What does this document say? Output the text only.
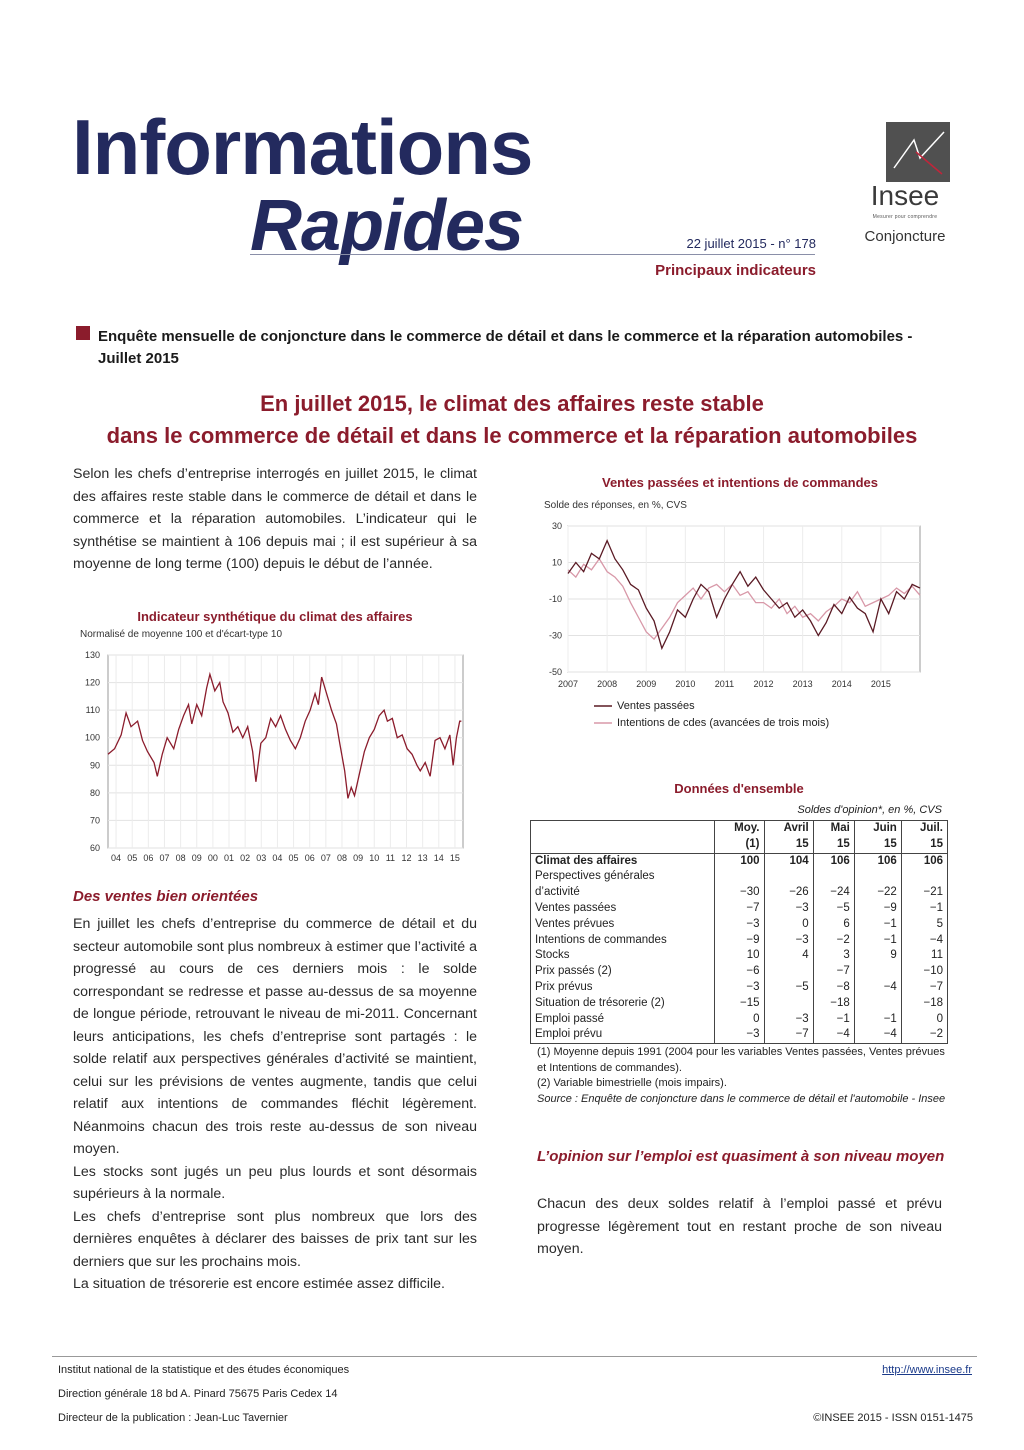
Informations
Rapides	22 juillet 2015 - n° 178
Principaux indicateurs
Insee
Mesurer pour comprendre
Conjoncture
Enquête mensuelle de conjoncture dans le commerce de détail et dans le commerce et la réparation automobiles - Juillet 2015
En juillet 2015, le climat des affaires reste stable
dans le commerce de détail et dans le commerce et la réparation automobiles

Selon les chefs d’entreprise interrogés en juillet 2015, le climat des affaires reste stable dans le commerce de détail et dans le commerce et la réparation automobiles. L’indicateur qui le synthétise se maintient à 106 depuis mai ; il est supérieur à sa moyenne de long terme (100) depuis le début de l’année.

Indicateur synthétique du climat des affaires
Normalisé de moyenne 100 et d'écart-type 10
60
70
80
90
100
110
120
130
04 05 06 07 08 09 00 01 02 03 04 05 06 07 08 09 10 11 12 13 14 15
Des ventes bien orientées

En juillet les chefs d’entreprise du commerce de détail et du secteur automobile sont plus nombreux à estimer que l’activité a progressé au cours de ces derniers mois : le solde correspondant se redresse et passe au-dessus de sa moyenne de longue période, retrouvant le niveau de mi-2011. Concernant leurs anticipations, les chefs d’entreprise sont partagés : le solde relatif aux perspectives générales d’activité se maintient, celui sur les prévisions de ventes augmente, tandis que celui relatif aux intentions de commandes fléchit légèrement. Néanmoins chacun des trois reste au-dessus de son niveau moyen.

Les stocks sont jugés un peu plus lourds et sont désormais supérieurs à la normale.

Les chefs d’entreprise sont plus nombreux que lors des dernières enquêtes à déclarer des baisses de prix tant sur les derniers que sur les prochains mois.

La situation de trésorerie est encore estimée assez difficile.

Ventes passées et intentions de commandes
Solde des réponses, en %, CVS
30
10
-10
-30
-50
2007 2008 2009 2010 2011 2012 2013 2014 2015
Ventes passées
Intentions de cdes (avancées de trois mois)
Données d'ensemble
Soldes d'opinion*, en %, CVS
	Moy.	Avril	Mai	Juin	Juil.
	(1)	15	15	15	15
Climat des affaires	100	104	106	106	106
Perspectives générales					
d’activité	−30	−26	−24	−22	−21
Ventes passées	−7	−3	−5	−9	−1
Ventes prévues	−3	0	6	−1	5
Intentions de commandes	−9	−3	−2	−1	−4
Stocks	10	4	3	9	11
Prix passés (2)	−6		−7		−10
Prix prévus	−3	−5	−8	−4	−7
Situation de trésorerie (2)	−15		−18		−18
Emploi passé	0	−3	−1	−1	0
Emploi prévu	−3	−7	−4	−4	−2
(1) Moyenne depuis 1991 (2004 pour les variables Ventes passées, Ventes prévues et Intentions de commandes).
(2) Variable bimestrielle (mois impairs).
Source : Enquête de conjoncture dans le commerce de détail et l'automobile - Insee
L’opinion sur l’emploi est quasiment à son niveau moyen

Chacun des deux soldes relatif à l’emploi passé et prévu progresse légèrement tout en restant proche de son niveau moyen.

Institut national de la statistique et des études économiques
Direction générale 18 bd A. Pinard 75675 Paris Cedex 14
Directeur de la publication : Jean-Luc Tavernier
http://www.insee.fr
©INSEE 2015 - ISSN 0151-1475
